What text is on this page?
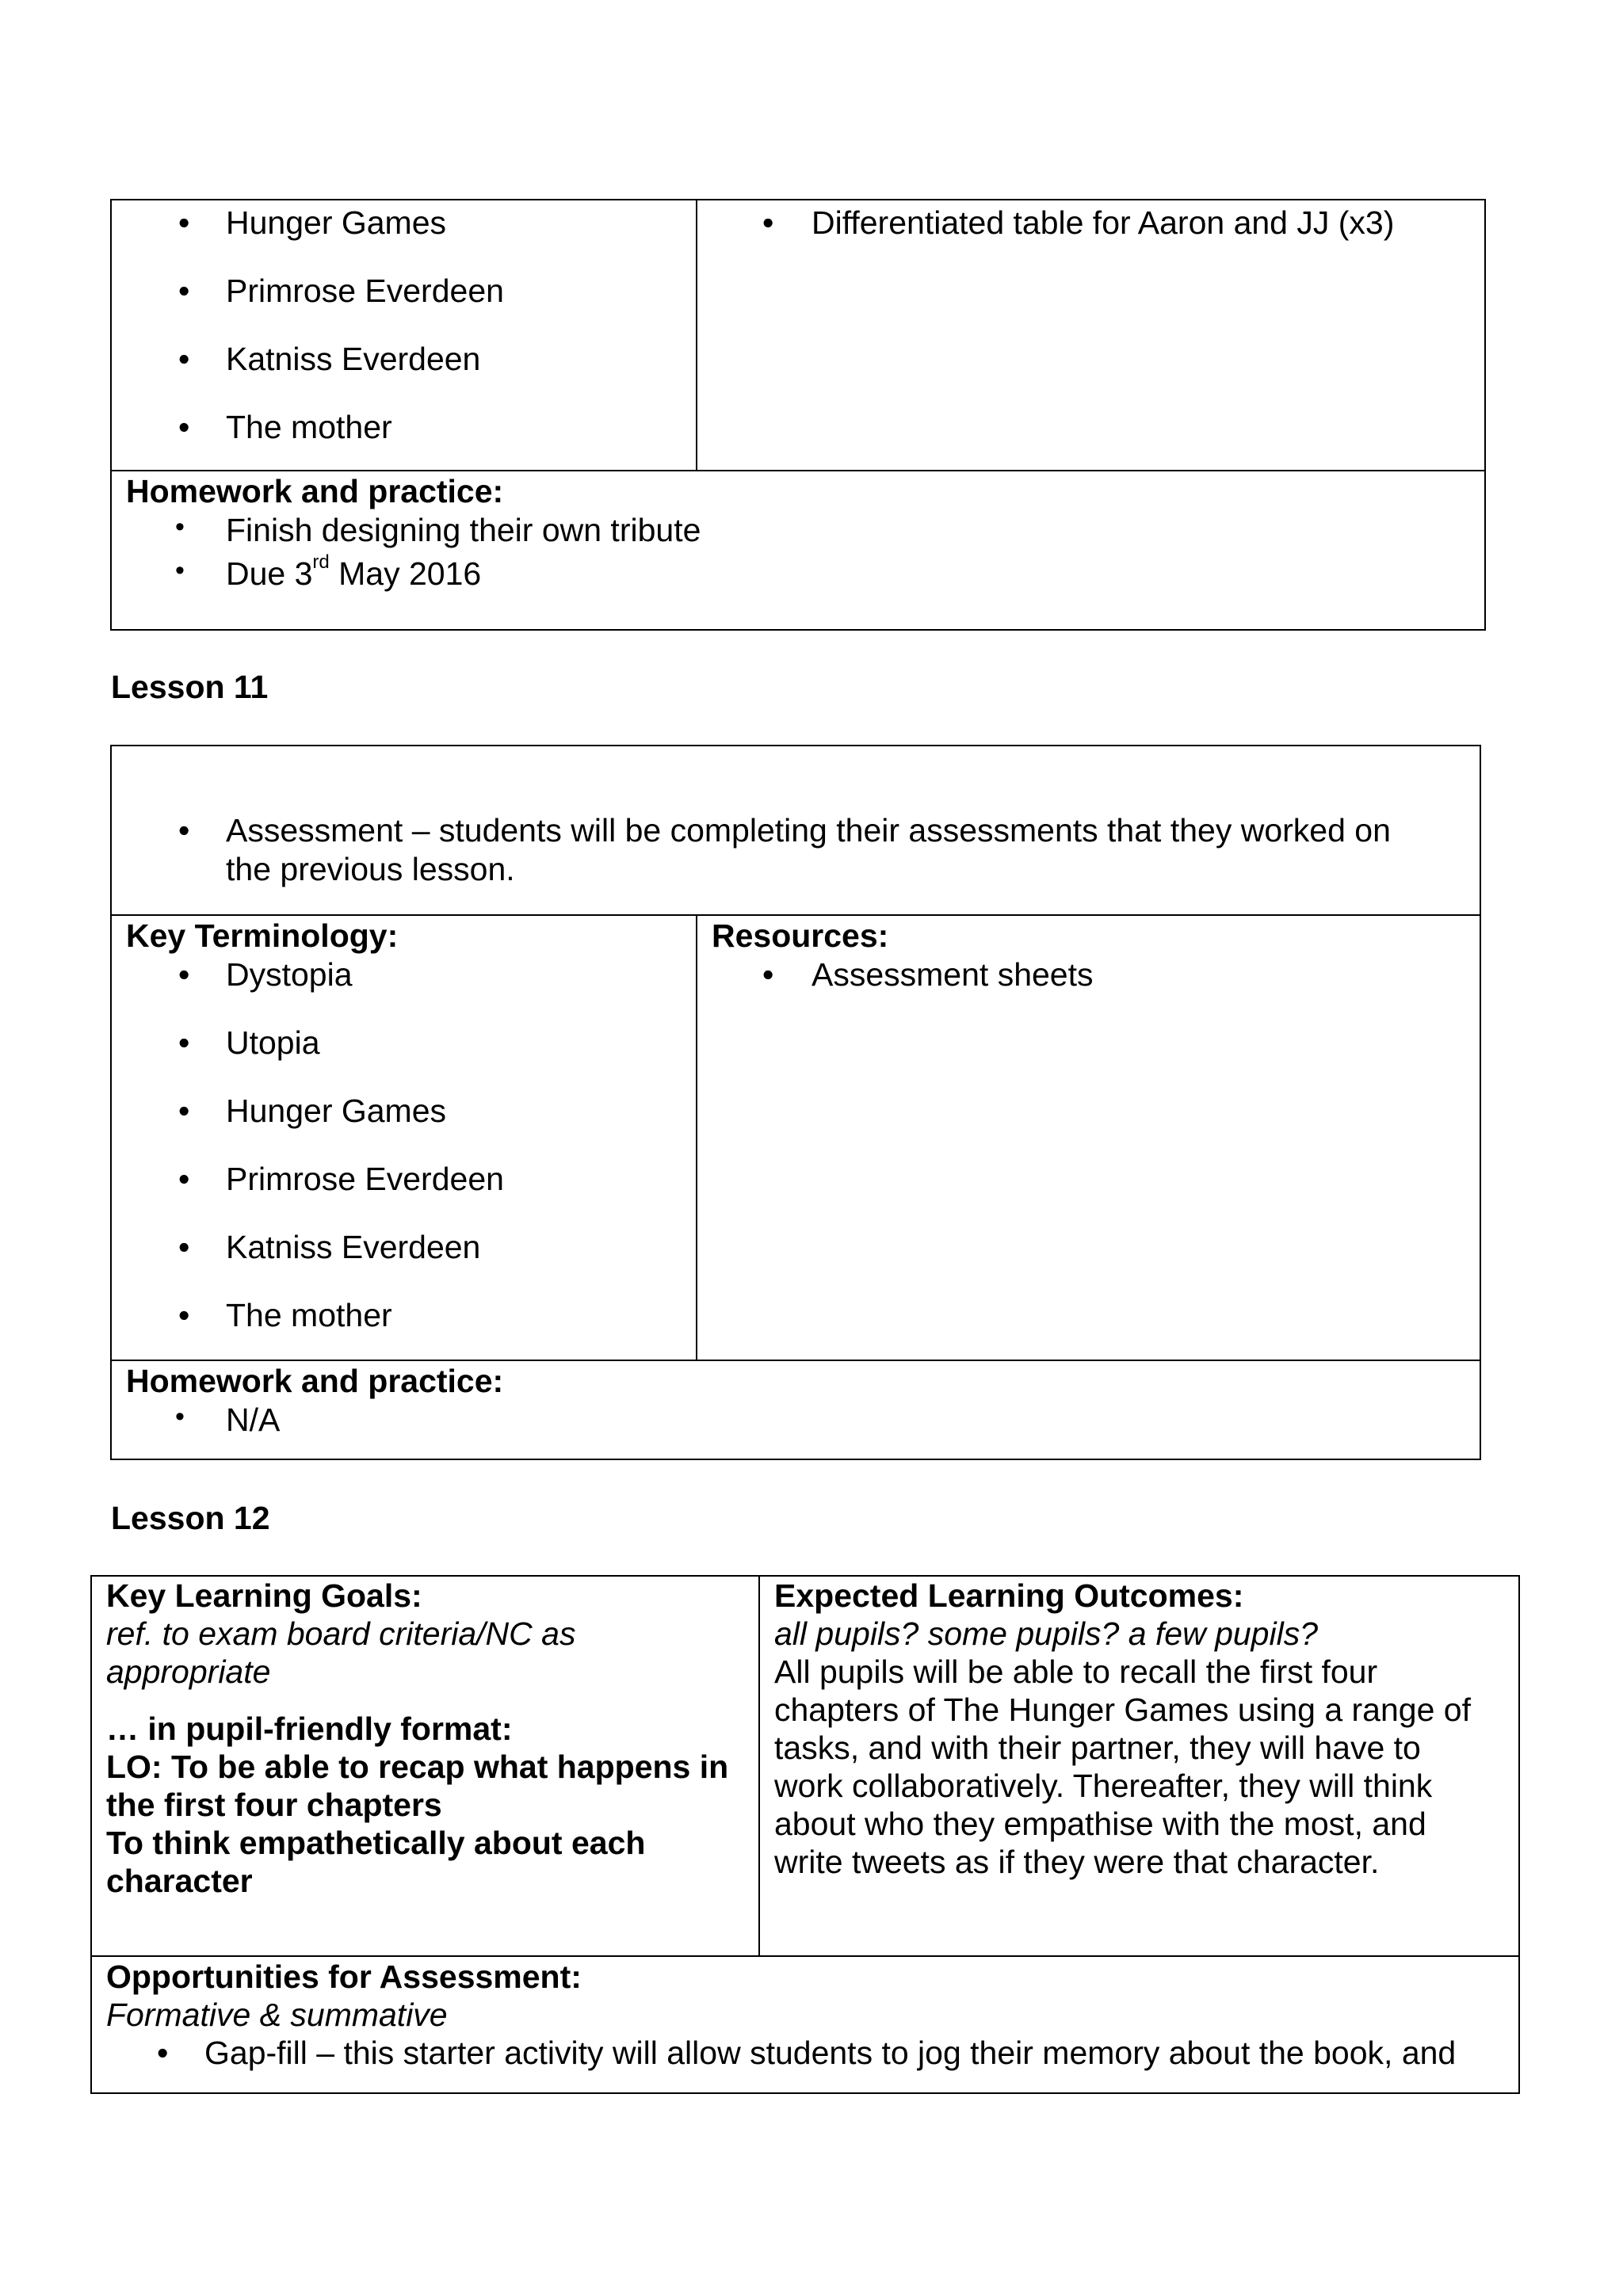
• Hunger Games
• Primrose Everdeen
• Katniss Everdeen
• The mother
• Differentiated table for Aaron and JJ (x3)
Homework and practice:
• Finish designing their own tribute
• Due 3rd May 2016
Lesson 11
• Assessment – students will be completing their assessments that they worked on
the previous lesson.
Key Terminology:
• Dystopia
• Utopia
• Hunger Games
• Primrose Everdeen
• Katniss Everdeen
• The mother
Resources:
• Assessment sheets
Homework and practice:
• N/A
Lesson 12
Key Learning Goals:
ref. to exam board criteria/NC as
appropriate
… in pupil-friendly format:
LO: To be able to recap what happens in
the first four chapters
To think empathetically about each
character
Expected Learning Outcomes:
all pupils? some pupils? a few pupils?
All pupils will be able to recall the first four
chapters of The Hunger Games using a range of
tasks, and with their partner, they will have to
work collaboratively. Thereafter, they will think
about who they empathise with the most, and
write tweets as if they were that character.
Opportunities for Assessment:
Formative & summative
• Gap-fill – this starter activity will allow students to jog their memory about the book, and
